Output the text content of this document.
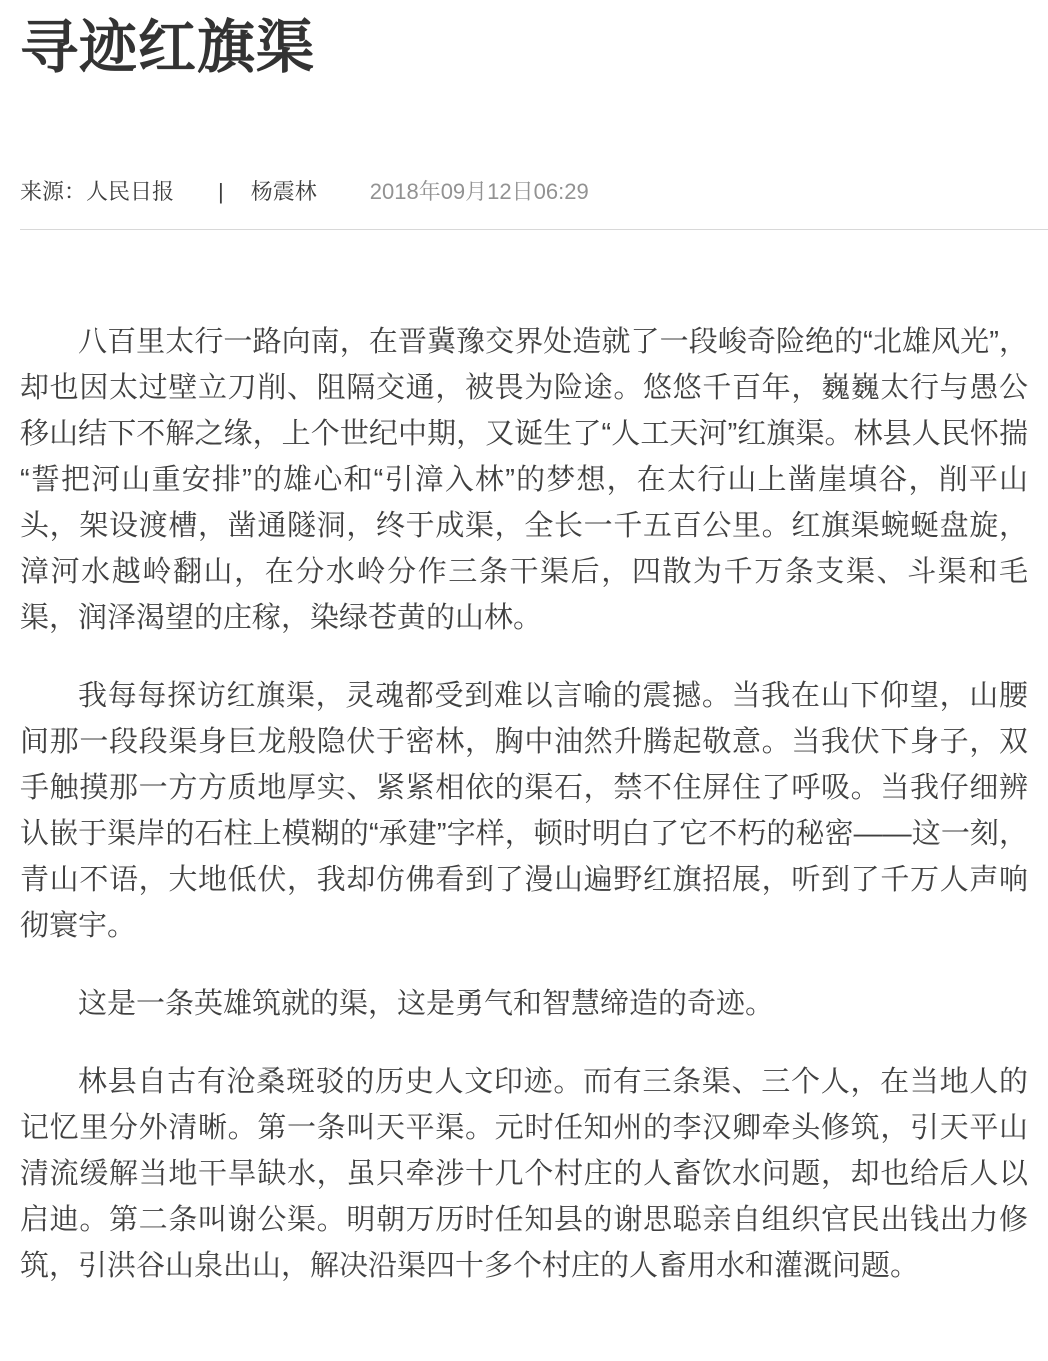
寻迹红旗渠
来源：人民日报 | 杨震林 2018年09月12日06:29

八百里太行一路向南，在晋冀豫交界处造就了一段峻奇险绝的“北雄风光”，却也因太过壁立刀削、阻隔交通，被畏为险途。悠悠千百年，巍巍太行与愚公移山结下不解之缘，上个世纪中期，又诞生了“人工天河”红旗渠。林县人民怀揣“誓把河山重安排”的雄心和“引漳入林”的梦想，在太行山上凿崖填谷，削平山头，架设渡槽，凿通隧洞，终于成渠，全长一千五百公里。红旗渠蜿蜒盘旋，漳河水越岭翻山，在分水岭分作三条干渠后，四散为千万条支渠、斗渠和毛渠，润泽渴望的庄稼，染绿苍黄的山林。

我每每探访红旗渠，灵魂都受到难以言喻的震撼。当我在山下仰望，山腰间那一段段渠身巨龙般隐伏于密林，胸中油然升腾起敬意。当我伏下身子，双手触摸那一方方质地厚实、紧紧相依的渠石，禁不住屏住了呼吸。当我仔细辨认嵌于渠岸的石柱上模糊的“承建”字样，顿时明白了它不朽的秘密——这一刻，青山不语，大地低伏，我却仿佛看到了漫山遍野红旗招展，听到了千万人声响彻寰宇。

这是一条英雄筑就的渠，这是勇气和智慧缔造的奇迹。

林县自古有沧桑斑驳的历史人文印迹。而有三条渠、三个人，在当地人的记忆里分外清晰。第一条叫天平渠。元时任知州的李汉卿牵头修筑，引天平山清流缓解当地干旱缺水，虽只牵涉十几个村庄的人畜饮水问题，却也给后人以启迪。第二条叫谢公渠。明朝万历时任知县的谢思聪亲自组织官民出钱出力修筑，引洪谷山泉出山，解决沿渠四十多个村庄的人畜用水和灌溉问题。
